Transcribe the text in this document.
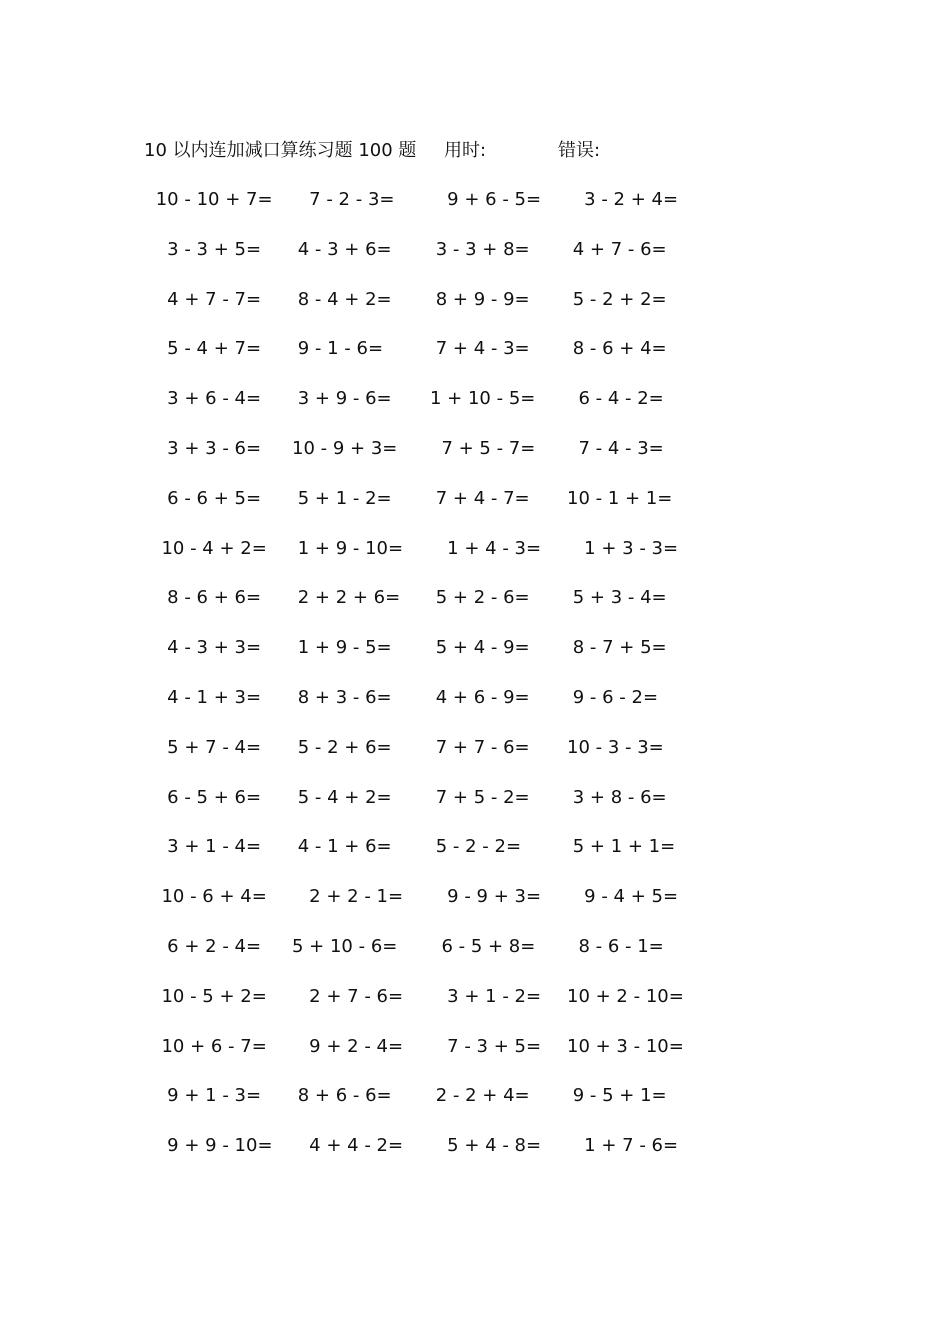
10 以内连加减口算练习题 100 题 用时:	错误:
10 - 10 + 7= 7 - 2 - 3= 9 + 6 - 5= 3 - 2 + 4=
3 - 3 + 5= 4 - 3 + 6= 3 - 3 + 8= 4 + 7 - 6=
4 + 7 - 7= 8 - 4 + 2= 8 + 9 - 9= 5 - 2 + 2=
5 - 4 + 7= 9 - 1 - 6=	7 + 4 - 3= 8 - 6 + 4=
3 + 6 - 4= 3 + 9 - 6= 1 + 10 - 5= 6 - 4 - 2=
3 + 3 - 6= 10 - 9 + 3= 7 + 5 - 7= 7 - 4 - 3=
6 - 6 + 5= 5 + 1 - 2= 7 + 4 - 7= 10 - 1 + 1=
10 - 4 + 2= 1 + 9 - 10= 1 + 4 - 3= 1 + 3 - 3=
8 - 6 + 6= 2 + 2 + 6= 5 + 2 - 6= 5 + 3 - 4=
4 - 3 + 3= 1 + 9 - 5= 5 + 4 - 9= 8 - 7 + 5=
4 - 1 + 3= 8 + 3 - 6= 4 + 6 - 9= 9 - 6 - 2=
5 + 7 - 4= 5 - 2 + 6= 7 + 7 - 6= 10 - 3 - 3=
6 - 5 + 6= 5 - 4 + 2= 7 + 5 - 2= 3 + 8 - 6=
3 + 1 - 4= 4 - 1 + 6= 5 - 2 - 2=	5 + 1 + 1=
10 - 6 + 4= 2 + 2 - 1= 9 - 9 + 3= 9 - 4 + 5=
6 + 2 - 4= 5 + 10 - 6= 6 - 5 + 8= 8 - 6 - 1=
10 - 5 + 2= 2 + 7 - 6= 3 + 1 - 2= 10 + 2 - 10=
10 + 6 - 7= 9 + 2 - 4= 7 - 3 + 5= 10 + 3 - 10=
9 + 1 - 3= 8 + 6 - 6= 2 - 2 + 4= 9 - 5 + 1=
9 + 9 - 10= 4 + 4 - 2= 5 + 4 - 8= 1 + 7 - 6=
